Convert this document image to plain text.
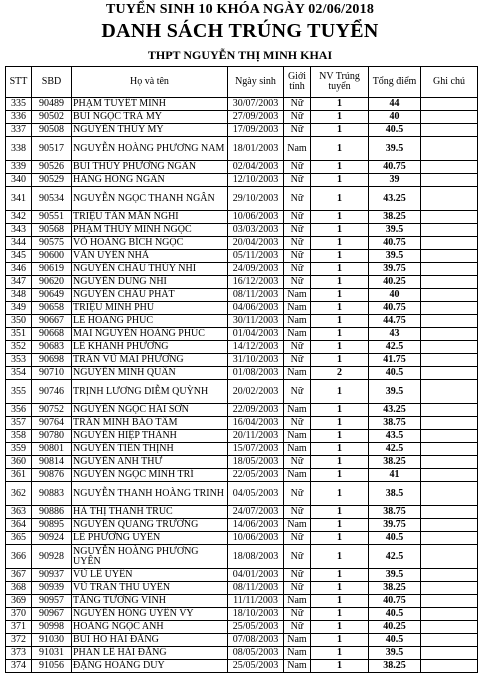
TUYỂN SINH 10 KHÓA NGÀY 02/06/2018
DANH SÁCH TRÚNG TUYỂN
THPT NGUYỄN THỊ MINH KHAI
STT	SBD	Họ và tên	Ngày sinh	Giới tính	NV Trúng tuyển	Tổng điểm	Ghi chú
335	90489	PHẠM TUYẾT MINH	30/07/2003	Nữ	1	44	
336	90502	BÙI NGỌC TRÀ MY	27/09/2003	Nữ	1	40	
337	90508	NGUYỄN THỦY MY	17/09/2003	Nữ	1	40.5	
338	90517	NGUYỄN HOÀNG PHƯƠNG NAM	18/01/2003	Nam	1	39.5	
339	90526	BÙI THỦY PHƯƠNG NGÂN	02/04/2003	Nữ	1	40.75	
340	90529	HÀNG HỒNG NGÂN	12/10/2003	Nữ	1	39	
341	90534	NGUYỄN NGỌC THANH NGÂN	29/10/2003	Nữ	1	43.25	
342	90551	TRIỆU TÂN MẪN NGHI	10/06/2003	Nữ	1	38.25	
343	90568	PHẠM THỦY MINH NGỌC	03/03/2003	Nữ	1	39.5	
344	90575	VÕ HOÀNG BÍCH NGỌC	20/04/2003	Nữ	1	40.75	
345	90600	VĂN UYÊN NHÃ	05/11/2003	Nữ	1	39.5	
346	90619	NGUYỄN CHÂU THỦY NHI	24/09/2003	Nữ	1	39.75	
347	90620	NGUYỄN DUNG NHI	16/12/2003	Nữ	1	40.25	
348	90649	NGUYỄN CHÂU PHÁT	08/11/2003	Nam	1	40	
349	90658	TRIỆU MINH PHÚ	04/06/2003	Nam	1	40.75	
350	90667	LÊ HOÀNG PHÚC	30/11/2003	Nam	1	44.75	
351	90668	MAI NGUYỄN HOÀNG PHÚC	01/04/2003	Nam	1	43	
352	90683	LÊ KHÁNH PHƯƠNG	14/12/2003	Nữ	1	42.5	
353	90698	TRẦN VŨ MAI PHƯƠNG	31/10/2003	Nữ	1	41.75	
354	90710	NGUYỄN MINH QUÂN	01/08/2003	Nam	2	40.5	
355	90746	TRỊNH LƯƠNG DIỄM QUỲNH	20/02/2003	Nữ	1	39.5	
356	90752	NGUYỄN NGỌC HẢI SƠN	22/09/2003	Nam	1	43.25	
357	90764	TRẦN MINH BẢO TÂM	16/04/2003	Nữ	1	38.75	
358	90780	NGUYỄN HIỆP THÀNH	20/11/2003	Nam	1	43.5	
359	90801	NGUYỄN TIẾN THỊNH	15/07/2003	Nam	1	42.5	
360	90814	NGUYỄN ANH THƯ	18/05/2003	Nữ	1	38.25	
361	90876	NGUYỄN NGỌC MINH TRÍ	22/05/2003	Nam	1	41	
362	90883	NGUYỄN THANH HOÀNG TRINH	04/05/2003	Nữ	1	38.5	
363	90886	HÀ THỊ THANH TRÚC	24/07/2003	Nữ	1	38.75	
364	90895	NGUYỄN QUANG TRƯỜNG	14/06/2003	Nam	1	39.75	
365	90924	LÊ PHƯƠNG UYÊN	10/06/2003	Nữ	1	40.5	
366	90928	NGUYỄN HOÀNG PHƯƠNG UYÊN	18/08/2003	Nữ	1	42.5	
367	90937	VŨ LÊ UYÊN	04/01/2003	Nữ	1	39.5	
368	90939	VŨ TRẦN THU UYÊN	08/11/2003	Nữ	1	38.25	
369	90957	TĂNG TƯỜNG VINH	11/11/2003	Nam	1	40.75	
370	90967	NGUYỄN HỒNG UYÊN VY	18/10/2003	Nữ	1	40.5	
371	90998	HOÀNG NGỌC ANH	25/05/2003	Nữ	1	40.25	
372	91030	BÙI HỒ HẢI ĐĂNG	07/08/2003	Nam	1	40.5	
373	91031	PHAN LÊ HẢI ĐĂNG	08/05/2003	Nam	1	39.5	
374	91056	ĐẶNG HOÀNG DUY	25/05/2003	Nam	1	38.25	
